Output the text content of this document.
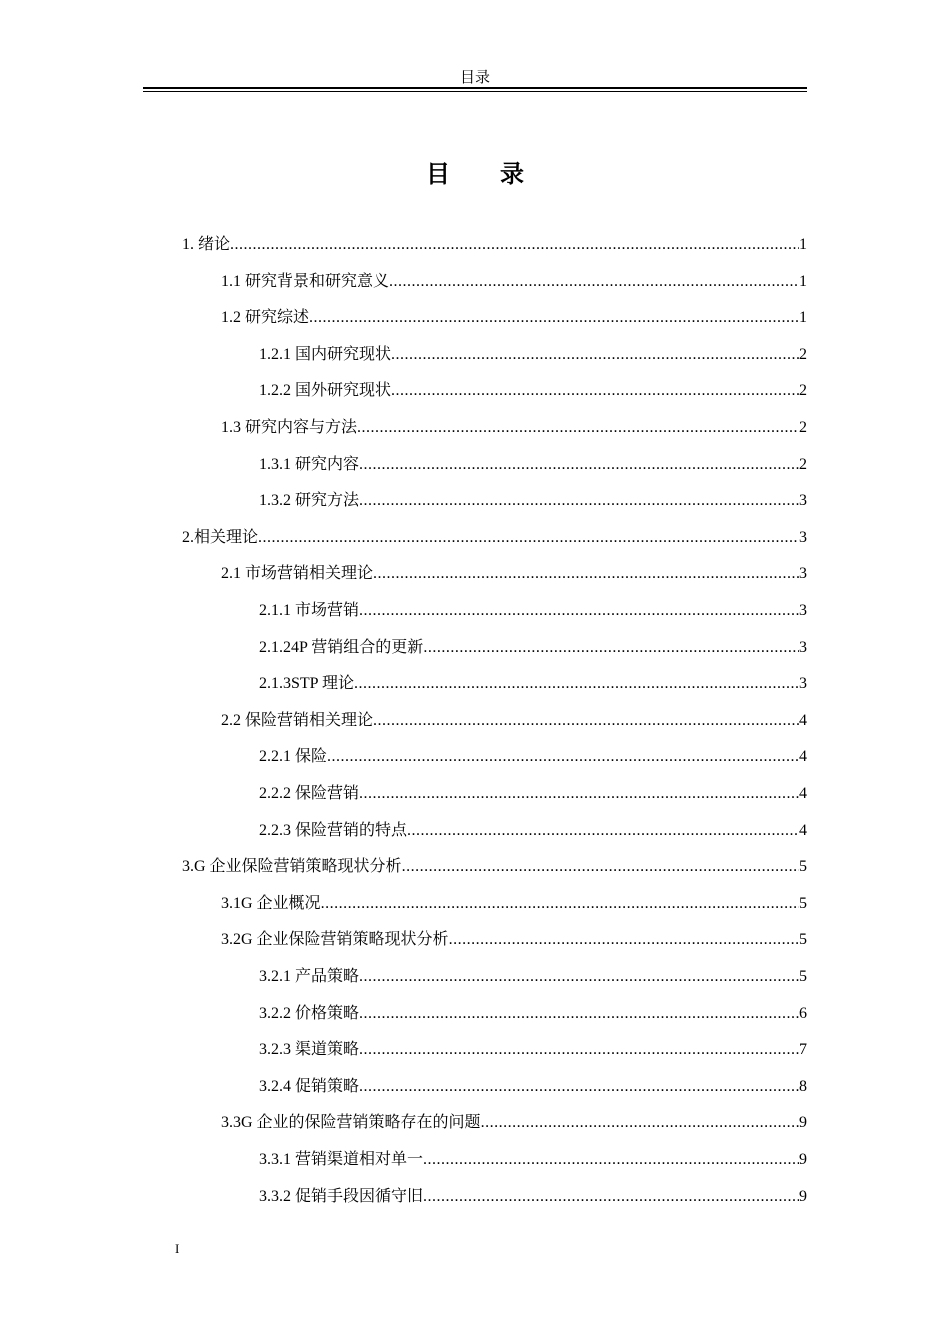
目录
目 录
1. 绪论 .....	1
1.1 研究背景和研究意义 .....	1
1.2 研究综述 .....	1
1.2.1 国内研究现状 .....	2
1.2.2 国外研究现状 .....	2
1.3 研究内容与方法 .....	2
1.3.1 研究内容 .....	2
1.3.2 研究方法 .....	3
2.相关理论 .....	3
2.1 市场营销相关理论 .....	3
2.1.1 市场营销 .....	3
2.1.24P 营销组合的更新 .....	3
2.1.3STP 理论 .....	3
2.2 保险营销相关理论 .....	4
2.2.1 保险 .....	4
2.2.2 保险营销 .....	4
2.2.3 保险营销的特点 .....	4
3.G 企业保险营销策略现状分析 .....	5
3.1G 企业概况 .....	5
3.2G 企业保险营销策略现状分析 .....	5
3.2.1 产品策略 .....	5
3.2.2 价格策略 .....	6
3.2.3 渠道策略 .....	7
3.2.4 促销策略 .....	8
3.3G 企业的保险营销策略存在的问题 .....	9
3.3.1 营销渠道相对单一 .....	9
3.3.2 促销手段因循守旧 .....	9
I
